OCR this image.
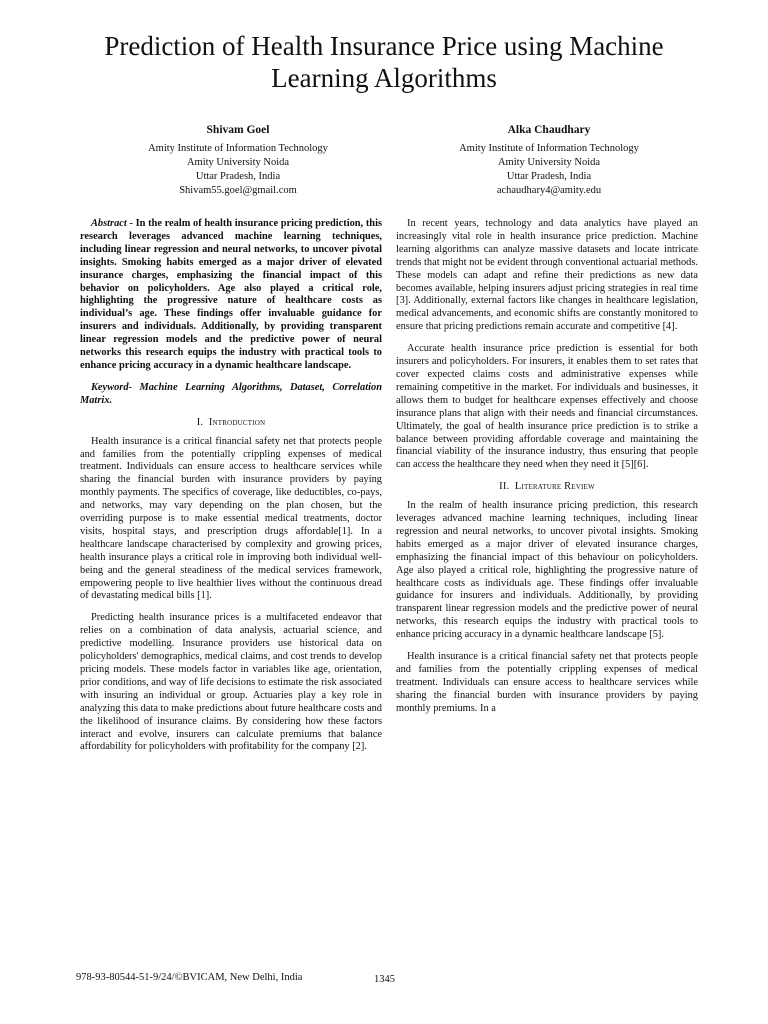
Prediction of Health Insurance Price using Machine Learning Algorithms
Shivam Goel
Amity Institute of Information Technology
Amity University Noida
Uttar Pradesh, India
Shivam55.goel@gmail.com
Alka Chaudhary
Amity Institute of Information Technology
Amity University Noida
Uttar Pradesh, India
achaudhary4@amity.edu

Abstract - In the realm of health insurance pricing prediction, this research leverages advanced machine learning techniques, including linear regression and neural networks, to uncover pivotal insights. Smoking habits emerged as a major driver of elevated insurance charges, emphasizing the financial impact of this behavior on policyholders. Age also played a critical role, highlighting the progressive nature of healthcare costs as individual’s age. These findings offer invaluable guidance for insurers and individuals. Additionally, by providing transparent linear regression models and the predictive power of neural networks this research equips the industry with practical tools to enhance pricing accuracy in a dynamic healthcare landscape.

Keyword- Machine Learning Algorithms, Dataset, Correlation Matrix.

I. Introduction

Health insurance is a critical financial safety net that protects people and families from the potentially crippling expenses of medical treatment. Individuals can ensure access to healthcare services while sharing the financial burden with insurance providers by paying monthly payments. The specifics of coverage, like deductibles, co-pays, and networks, may vary depending on the plan chosen, but the overriding purpose is to make essential medical treatments, doctor visits, hospital stays, and prescription drugs affordable[1]. In a healthcare landscape characterised by complexity and growing prices, health insurance plays a critical role in improving both individual well-being and the general steadiness of the medical services framework, empowering people to live healthier lives without the continuous dread of devastating medical bills [1].

Predicting health insurance prices is a multifaceted endeavor that relies on a combination of data analysis, actuarial science, and predictive modelling. Insurance providers use historical data on policyholders' demographics, medical claims, and cost trends to develop pricing models. These models factor in variables like age, orientation, prior conditions, and way of life decisions to estimate the risk associated with insuring an individual or group. Actuaries play a key role in analyzing this data to make predictions about future healthcare costs and the likelihood of insurance claims. By considering how these factors interact and evolve, insurers can calculate premiums that balance affordability for policyholders with profitability for the company [2].

In recent years, technology and data analytics have played an increasingly vital role in health insurance price prediction. Machine learning algorithms can analyze massive datasets and locate intricate trends that might not be evident through conventional actuarial methods. These models can adapt and refine their predictions as new data becomes available, helping insurers adjust pricing strategies in real time [3]. Additionally, external factors like changes in healthcare legislation, medical advancements, and economic shifts are constantly monitored to ensure that pricing predictions remain accurate and competitive [4].

Accurate health insurance price prediction is essential for both insurers and policyholders. For insurers, it enables them to set rates that cover expected claims costs and administrative expenses while remaining competitive in the market. For individuals and businesses, it allows them to budget for healthcare expenses effectively and choose insurance plans that align with their needs and financial circumstances. Ultimately, the goal of health insurance price prediction is to strike a balance between providing affordable coverage and maintaining the financial viability of the insurance industry, thus ensuring that people can access the healthcare they need when they need it [5][6].

II. Literature Review

In the realm of health insurance pricing prediction, this research leverages advanced machine learning techniques, including linear regression and neural networks, to uncover pivotal insights. Smoking habits emerged as a major driver of elevated insurance charges, emphasizing the financial impact of this behaviour on policyholders. Age also played a critical role, highlighting the progressive nature of healthcare costs as individuals age. These findings offer invaluable guidance for insurers and individuals. Additionally, by providing transparent linear regression models and the predictive power of neural networks, this research equips the industry with practical tools to enhance pricing accuracy in a dynamic healthcare landscape [5].

Health insurance is a critical financial safety net that protects people and families from the potentially crippling expenses of medical treatment. Individuals can ensure access to healthcare services while sharing the financial burden with insurance providers by paying monthly premiums. In a

978-93-80544-51-9/24/©BVICAM, New Delhi, India	1345
